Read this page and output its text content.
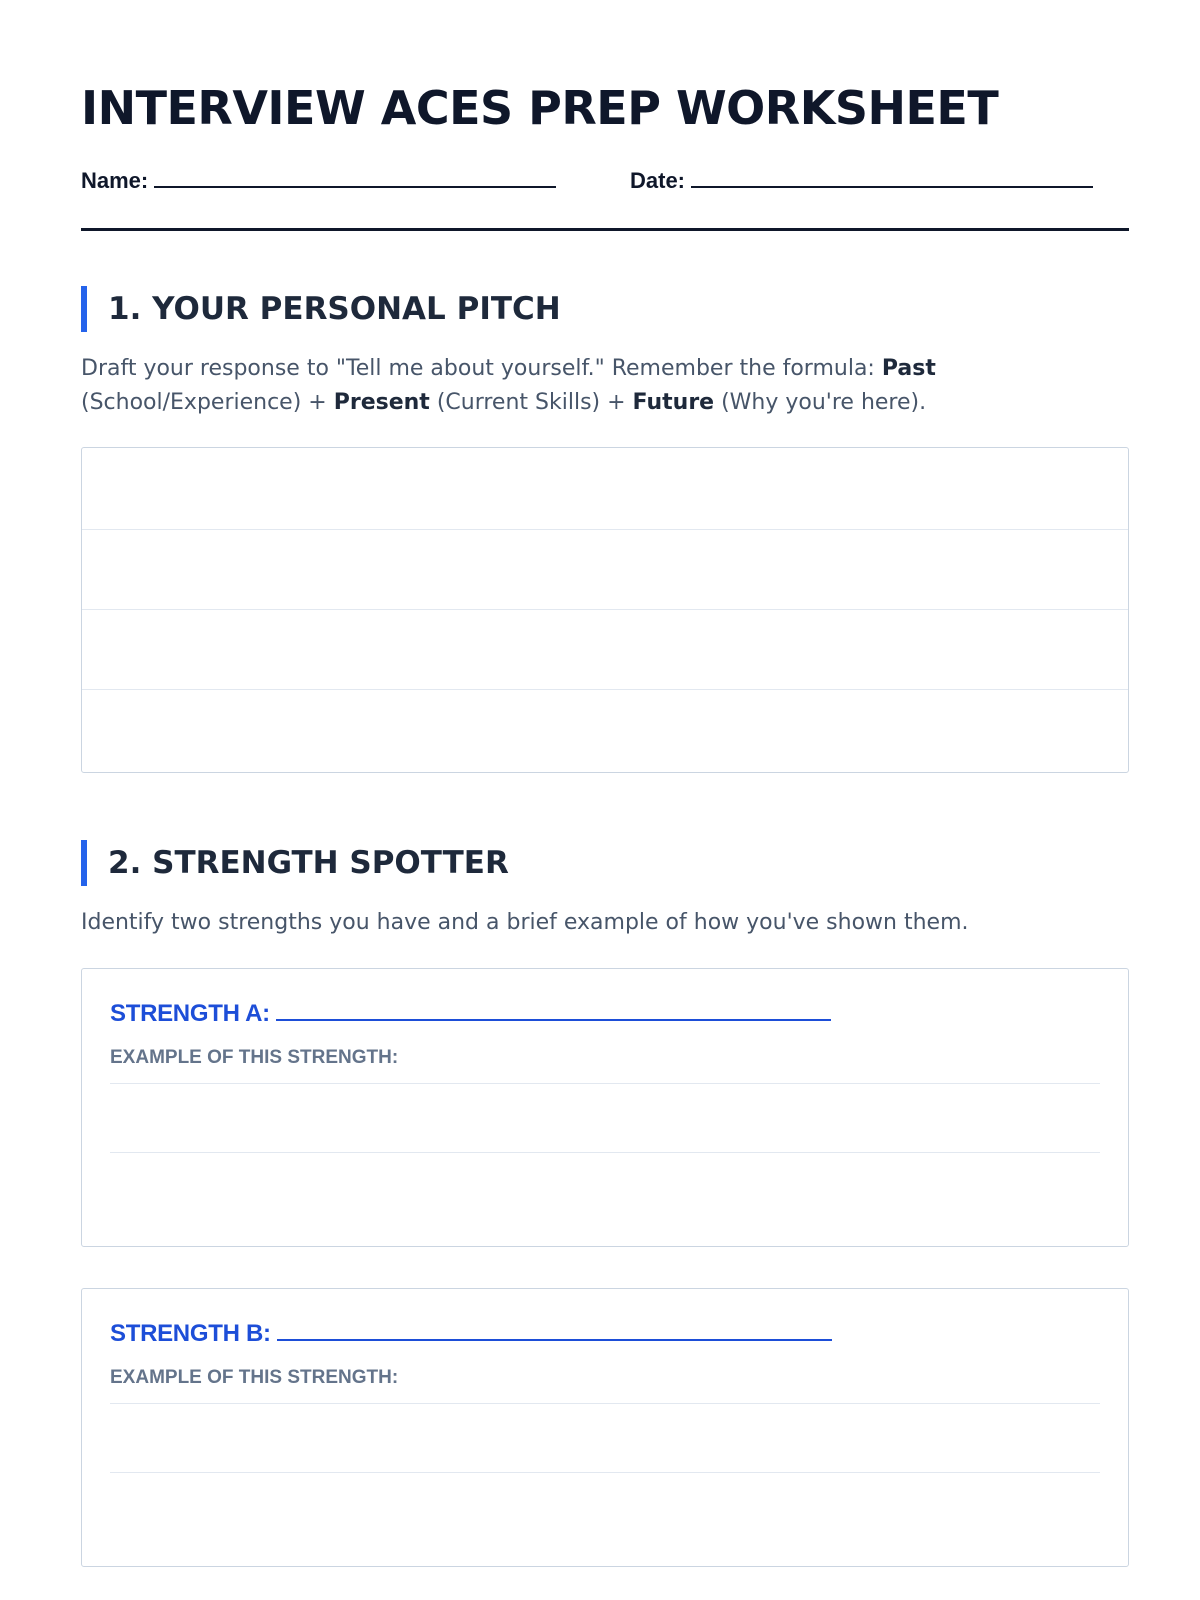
INTERVIEW ACES PREP WORKSHEET
Name:	Date:
1. YOUR PERSONAL PITCH
Draft your response to "Tell me about yourself." Remember the formula: Past (School/Experience) + Present (Current Skills) + Future (Why you're here).
2. STRENGTH SPOTTER
Identify two strengths you have and a brief example of how you've shown them.
STRENGTH A:
EXAMPLE OF THIS STRENGTH:
STRENGTH B:
EXAMPLE OF THIS STRENGTH:
